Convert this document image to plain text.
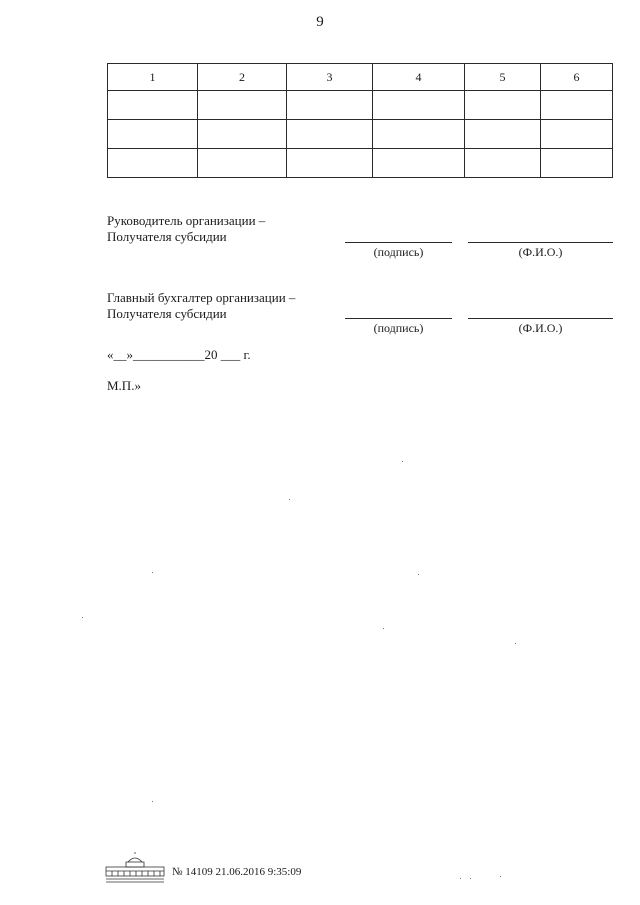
9
1	2	3	4	5	6

Руководитель организации –
Получателя субсидии
(подпись)	(Ф.И.О.)
Главный бухгалтер организации –
Получателя субсидии
(подпись)	(Ф.И.О.)
«__»___________20 ___ г.
М.П.»
№ 14109 21.06.2016 9:35:09
